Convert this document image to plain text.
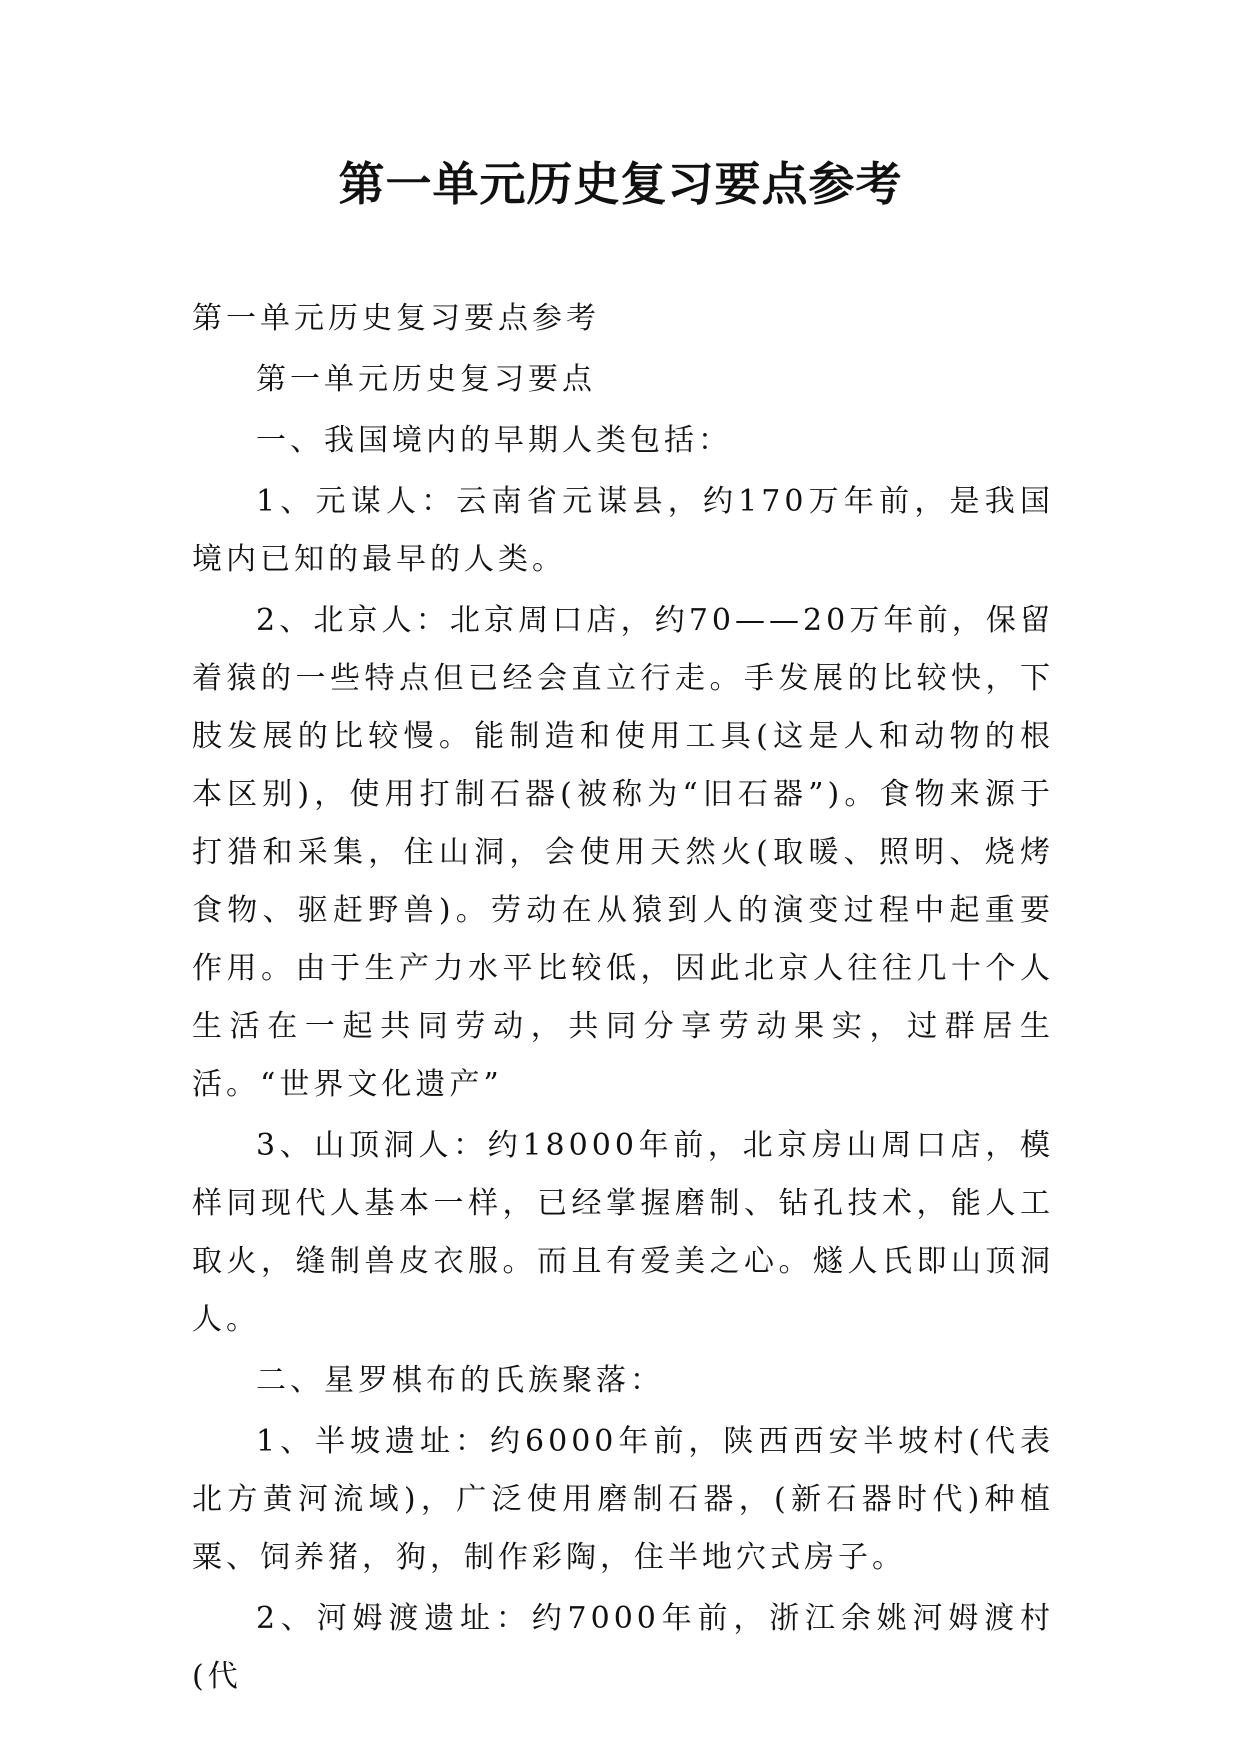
第一单元历史复习要点参考

第一单元历史复习要点参考

第一单元历史复习要点

一、我国境内的早期人类包括：

1、元谋人：云南省元谋县，约170万年前，是我国境内已知的最早的人类。

2、北京人：北京周口店，约70——20万年前，保留着猿的一些特点但已经会直立行走。手发展的比较快，下肢发展的比较慢。能制造和使用工具(这是人和动物的根本区别)，使用打制石器(被称为“旧石器”)。食物来源于打猎和采集，住山洞，会使用天然火(取暖、照明、烧烤食物、驱赶野兽)。劳动在从猿到人的演变过程中起重要作用。由于生产力水平比较低，因此北京人往往几十个人生活在一起共同劳动，共同分享劳动果实，过群居生活。“世界文化遗产”

3、山顶洞人：约18000年前，北京房山周口店，模样同现代人基本一样，已经掌握磨制、钻孔技术，能人工取火，缝制兽皮衣服。而且有爱美之心。燧人氏即山顶洞人。

二、星罗棋布的氏族聚落：

1、半坡遗址：约6000年前，陕西西安半坡村(代表北方黄河流域)，广泛使用磨制石器，(新石器时代)种植粟、饲养猪，狗，制作彩陶，住半地穴式房子。

2、河姆渡遗址：约7000年前，浙江余姚河姆渡村(代
